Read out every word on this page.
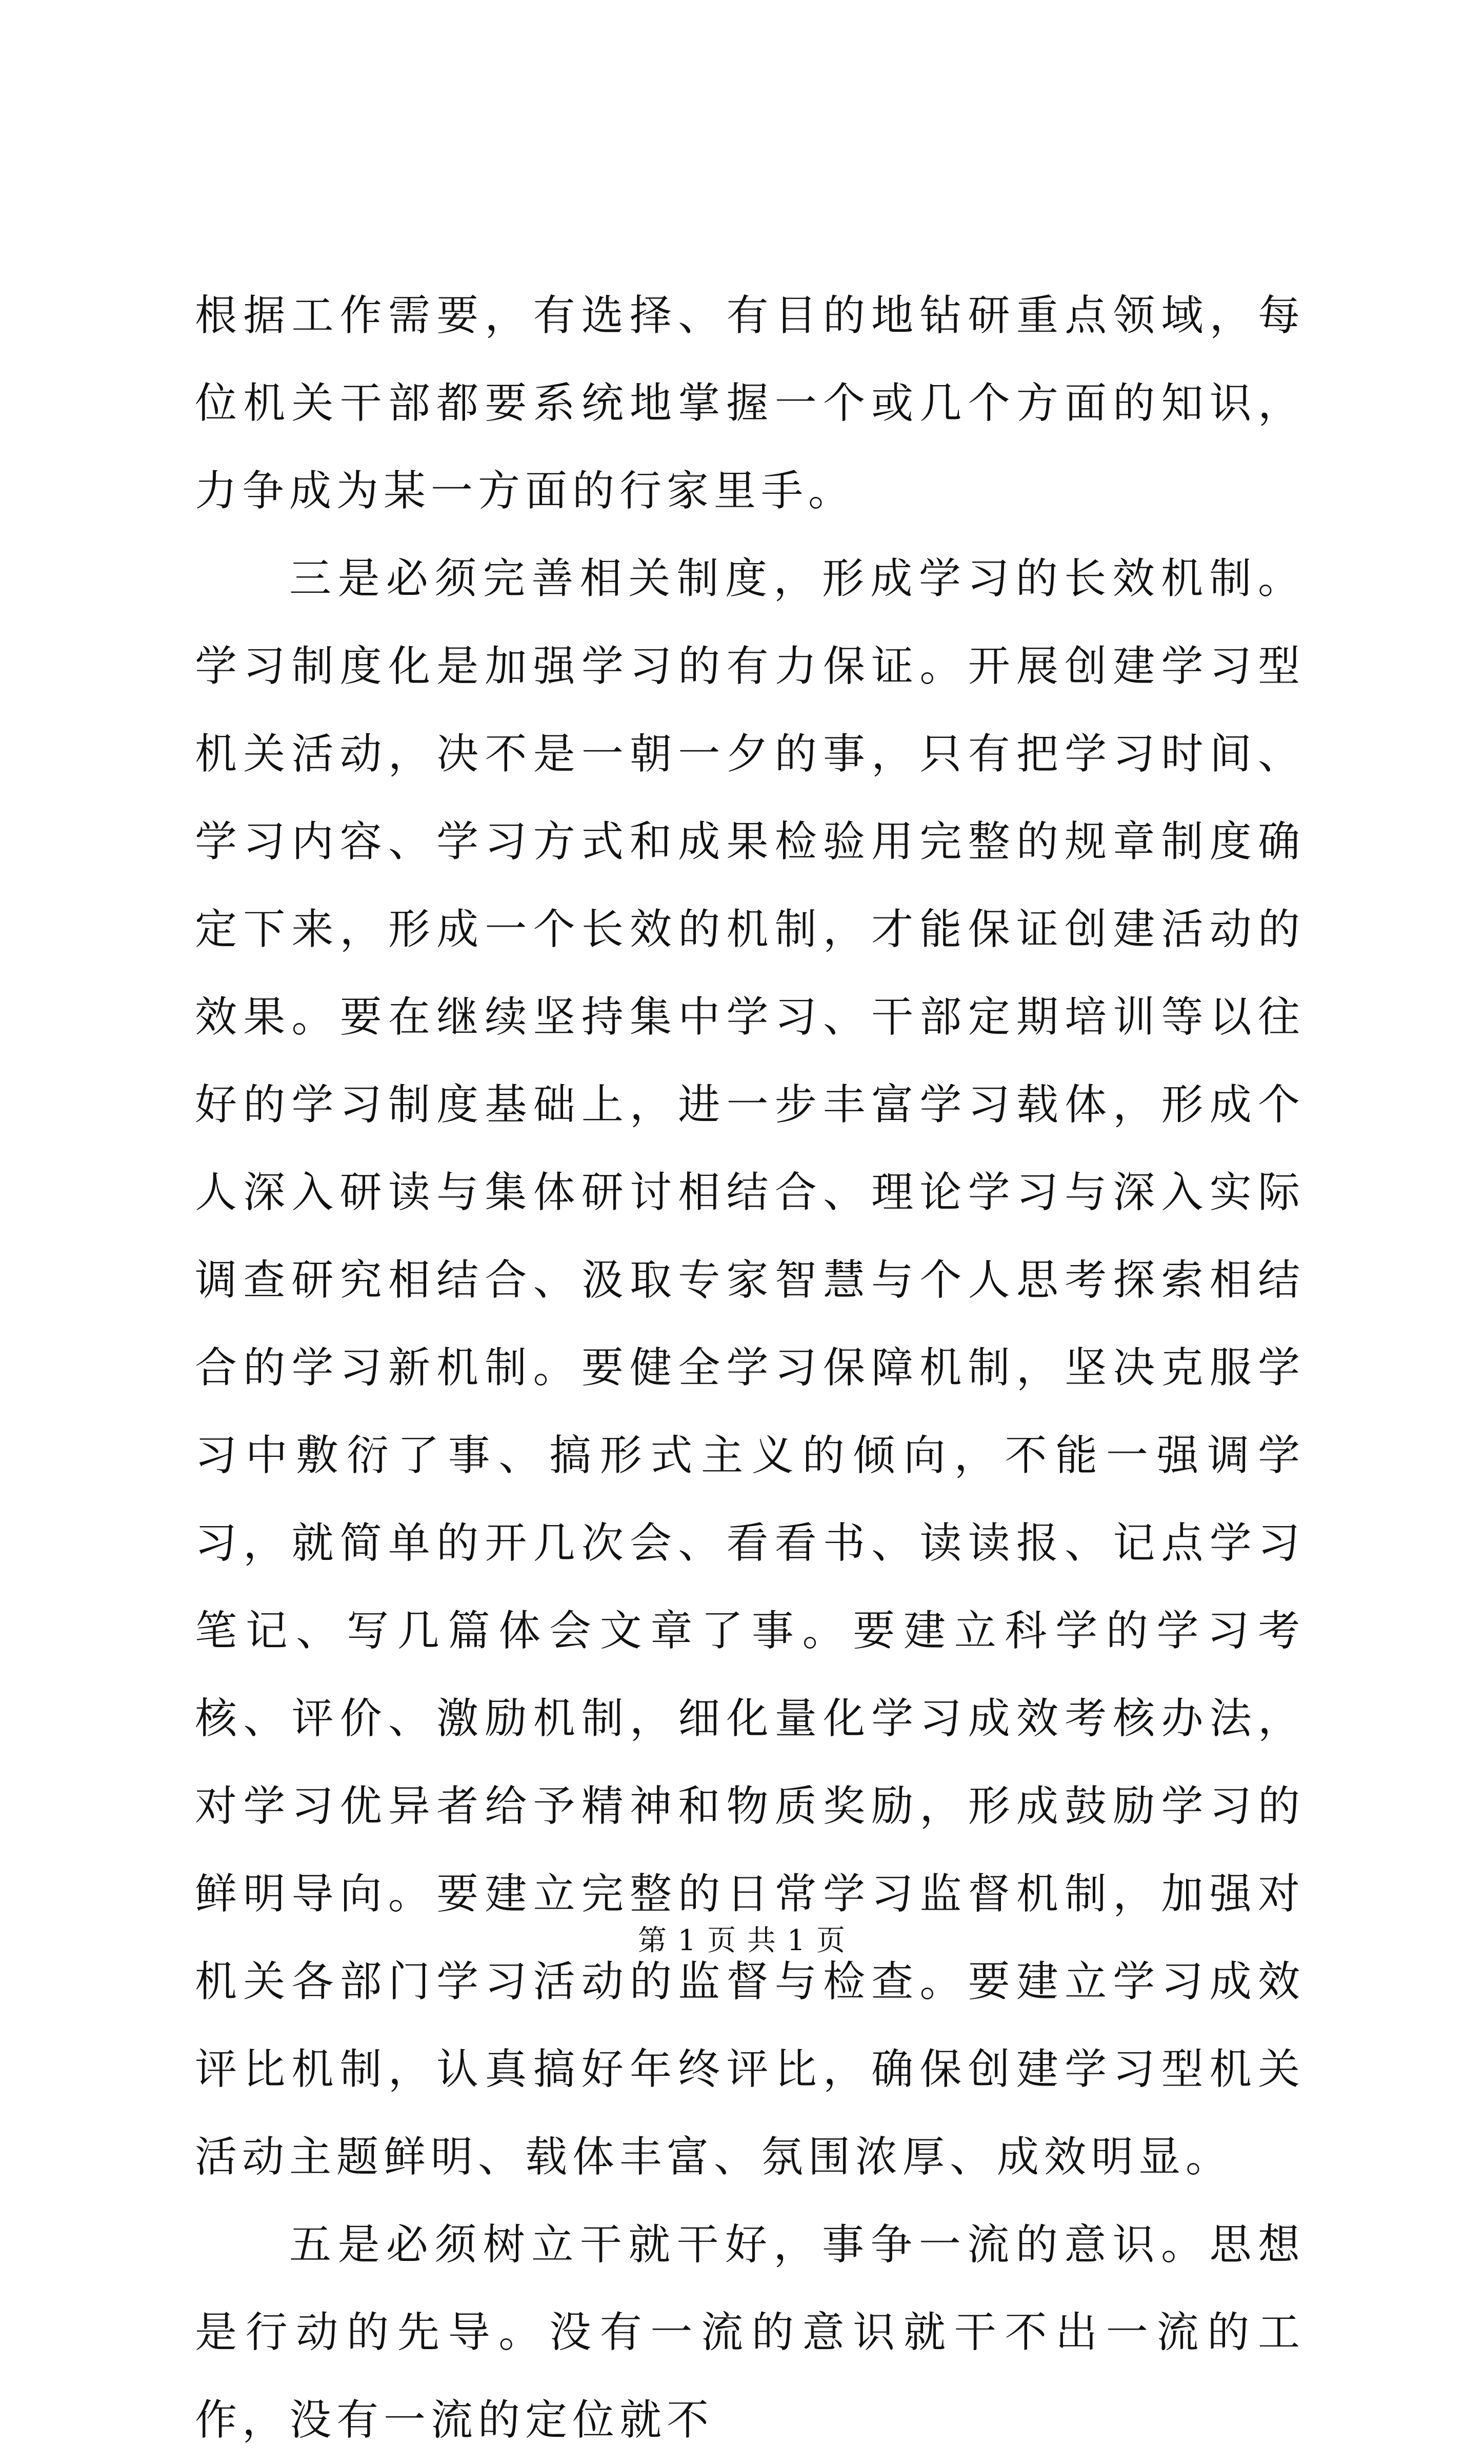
根据工作需要，有选择、有目的地钻研重点领域，每位机关干部都要系统地掌握一个或几个方面的知识，力争成为某一方面的行家里手。

三是必须完善相关制度，形成学习的长效机制。学习制度化是加强学习的有力保证。开展创建学习型机关活动，决不是一朝一夕的事，只有把学习时间、学习内容、学习方式和成果检验用完整的规章制度确定下来，形成一个长效的机制，才能保证创建活动的效果。要在继续坚持集中学习、干部定期培训等以往好的学习制度基础上，进一步丰富学习载体，形成个人深入研读与集体研讨相结合、理论学习与深入实际调查研究相结合、汲取专家智慧与个人思考探索相结合的学习新机制。要健全学习保障机制，坚决克服学习中敷衍了事、搞形式主义的倾向，不能一强调学习，就简单的开几次会、看看书、读读报、记点学习笔记、写几篇体会文章了事。要建立科学的学习考核、评价、激励机制，细化量化学习成效考核办法，对学习优异者给予精神和物质奖励，形成鼓励学习的鲜明导向。要建立完整的日常学习监督机制，加强对机关各部门学习活动的监督与检查。要建立学习成效评比机制，认真搞好年终评比，确保创建学习型机关活动主题鲜明、载体丰富、氛围浓厚、成效明显。

五是必须树立干就干好，事争一流的意识。思想是行动的先导。没有一流的意识就干不出一流的工作，没有一流的定位就不

第 1 页 共 1 页
